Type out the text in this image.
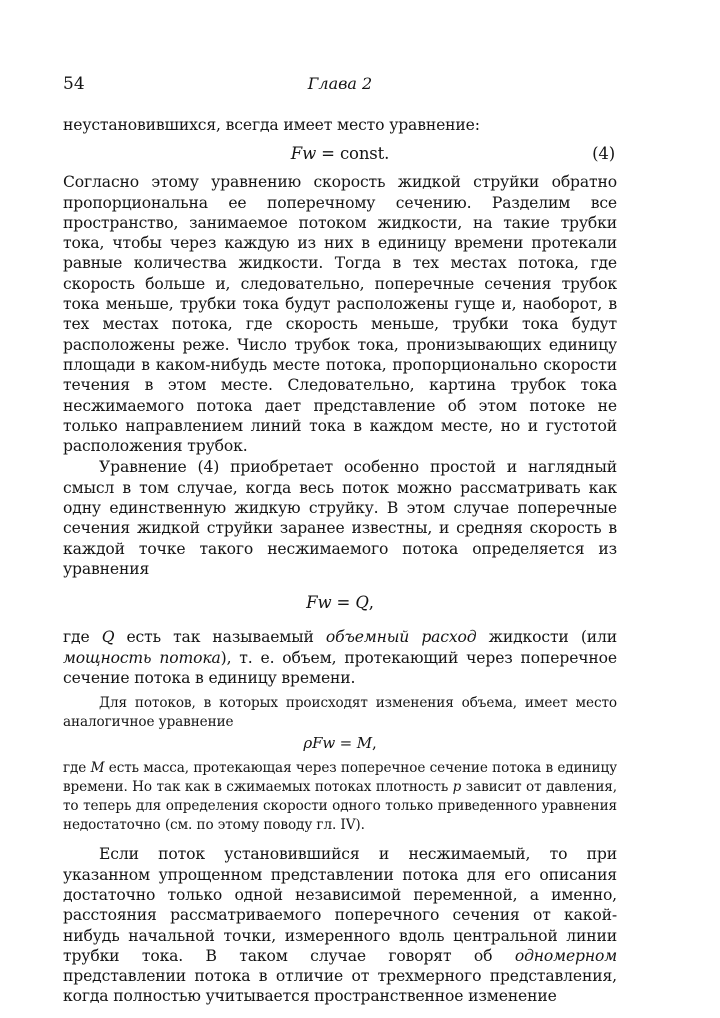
54	Глава 2

неустановившихся, всегда имеет место уравнение:

Fw = const.	(4)

Согласно этому уравнению скорость жидкой струйки обратно пропорциональна ее поперечному сечению. Разделим все пространство, занимаемое потоком жидкости, на такие трубки тока, чтобы через каждую из них в единицу времени протекали равные количества жидкости. Тогда в тех местах потока, где скорость больше и, следовательно, поперечные сечения трубок тока меньше, трубки тока будут расположены гуще и, наоборот, в тех местах потока, где скорость меньше, трубки тока будут расположены реже. Число трубок тока, пронизывающих единицу площади в каком-нибудь месте потока, пропорционально скорости течения в этом месте. Следовательно, картина трубок тока несжимаемого потока дает представление об этом потоке не только направлением линий тока в каждом месте, но и густотой расположения трубок.

Уравнение (4) приобретает особенно простой и наглядный смысл в том случае, когда весь поток можно рассматривать как одну единственную жидкую струйку. В этом случае поперечные сечения жидкой струйки заранее известны, и средняя скорость в каждой точке такого несжимаемого потока определяется из уравнения

Fw = Q,

где Q есть так называемый объемный расход жидкости (или мощность потока), т. е. объем, протекающий через поперечное сечение потока в единицу времени.

Для потоков, в которых происходят изменения объема, имеет место аналогичное уравнение

ρFw = M,

где M есть масса, протекающая через поперечное сечение потока в единицу времени. Но так как в сжимаемых потоках плотность p зависит от давления, то теперь для определения скорости одного только приведенного уравнения недостаточно (см. по этому поводу гл. IV).

Если поток установившийся и несжимаемый, то при указанном упрощенном представлении потока для его описания достаточно только одной независимой переменной, а именно, расстояния рассматриваемого поперечного сечения от какой-нибудь начальной точки, измеренного вдоль центральной линии трубки тока. В таком случае говорят об одномерном представлении потока в отличие от трехмерного представления, когда полностью учитывается пространственное изменение
